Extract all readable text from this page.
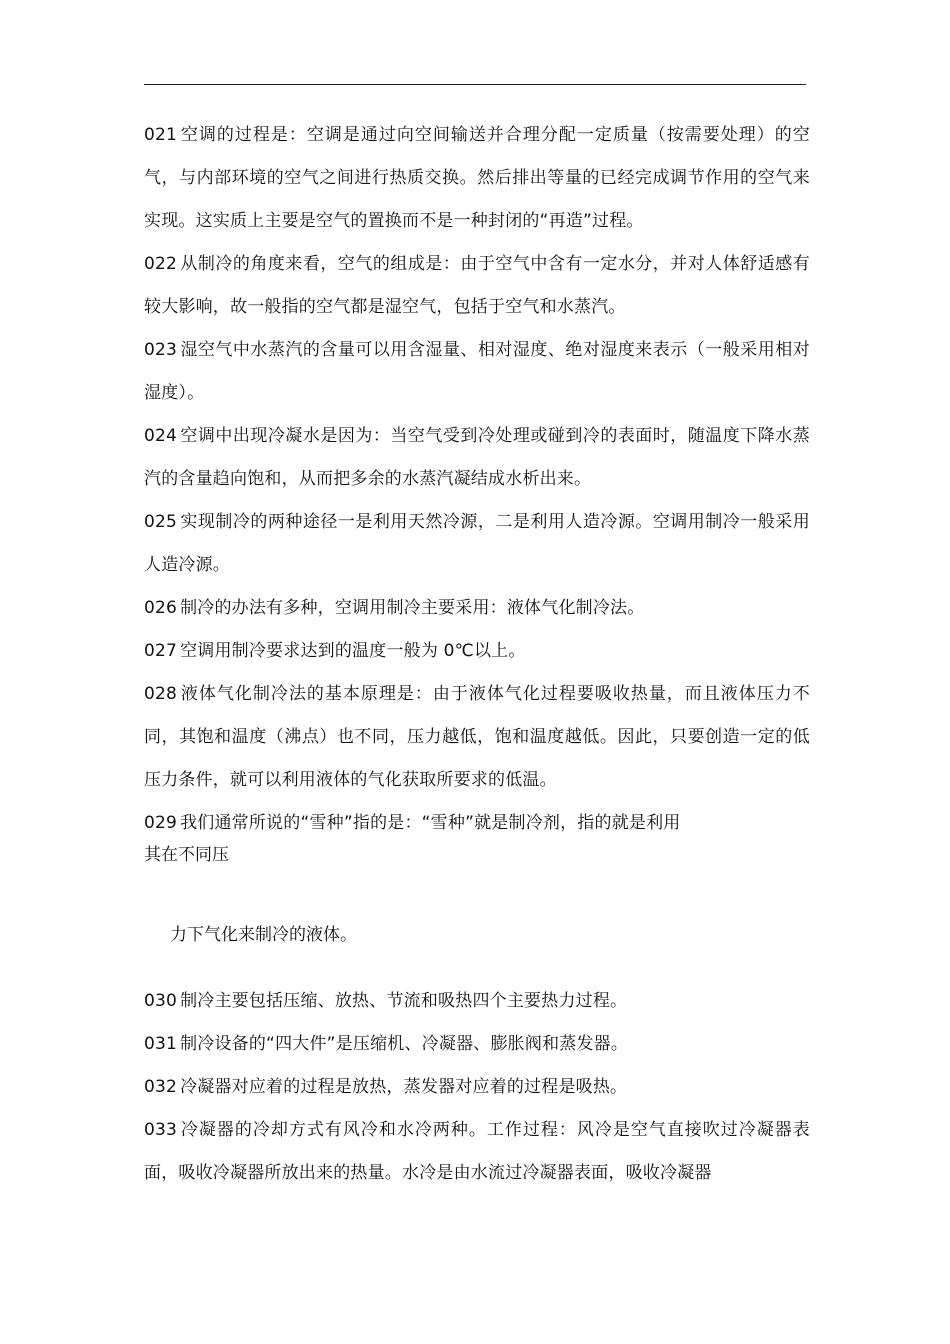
021 空调的过程是：空调是通过向空间输送并合理分配一定质量（按需要处理）的空气，与内部环境的空气之间进行热质交换。然后排出等量的已经完成调节作用的空气来实现。这实质上主要是空气的置换而不是一种封闭的“再造”过程。

022 从制冷的角度来看，空气的组成是：由于空气中含有一定水分，并对人体舒适感有较大影响，故一般指的空气都是湿空气，包括于空气和水蒸汽。

023 湿空气中水蒸汽的含量可以用含湿量、相对湿度、绝对湿度来表示（一般采用相对湿度）。

024 空调中出现冷凝水是因为：当空气受到冷处理或碰到冷的表面时，随温度下降水蒸汽的含量趋向饱和，从而把多余的水蒸汽凝结成水析出来。

025 实现制冷的两种途径一是利用天然冷源，二是利用人造冷源。空调用制冷一般采用人造冷源。

026 制冷的办法有多种，空调用制冷主要采用：液体气化制冷法。

027 空调用制冷要求达到的温度一般为 0℃以上。

028 液体气化制冷法的基本原理是：由于液体气化过程要吸收热量，而且液体压力不同，其饱和温度（沸点）也不同，压力越低，饱和温度越低。因此，只要创造一定的低压力条件，就可以利用液体的气化获取所要求的低温。

029 我们通常所说的“雪种”指的是：“雪种”就是制冷剂，指的就是利用

其在不同压

力下气化来制冷的液体。

030 制冷主要包括压缩、放热、节流和吸热四个主要热力过程。

031 制冷设备的“四大件”是压缩机、冷凝器、膨胀阀和蒸发器。

032 冷凝器对应着的过程是放热，蒸发器对应着的过程是吸热。

033 冷凝器的冷却方式有风冷和水冷两种。工作过程：风冷是空气直接吹过冷凝器表面，吸收冷凝器所放出来的热量。水冷是由水流过冷凝器表面，吸收冷凝器
